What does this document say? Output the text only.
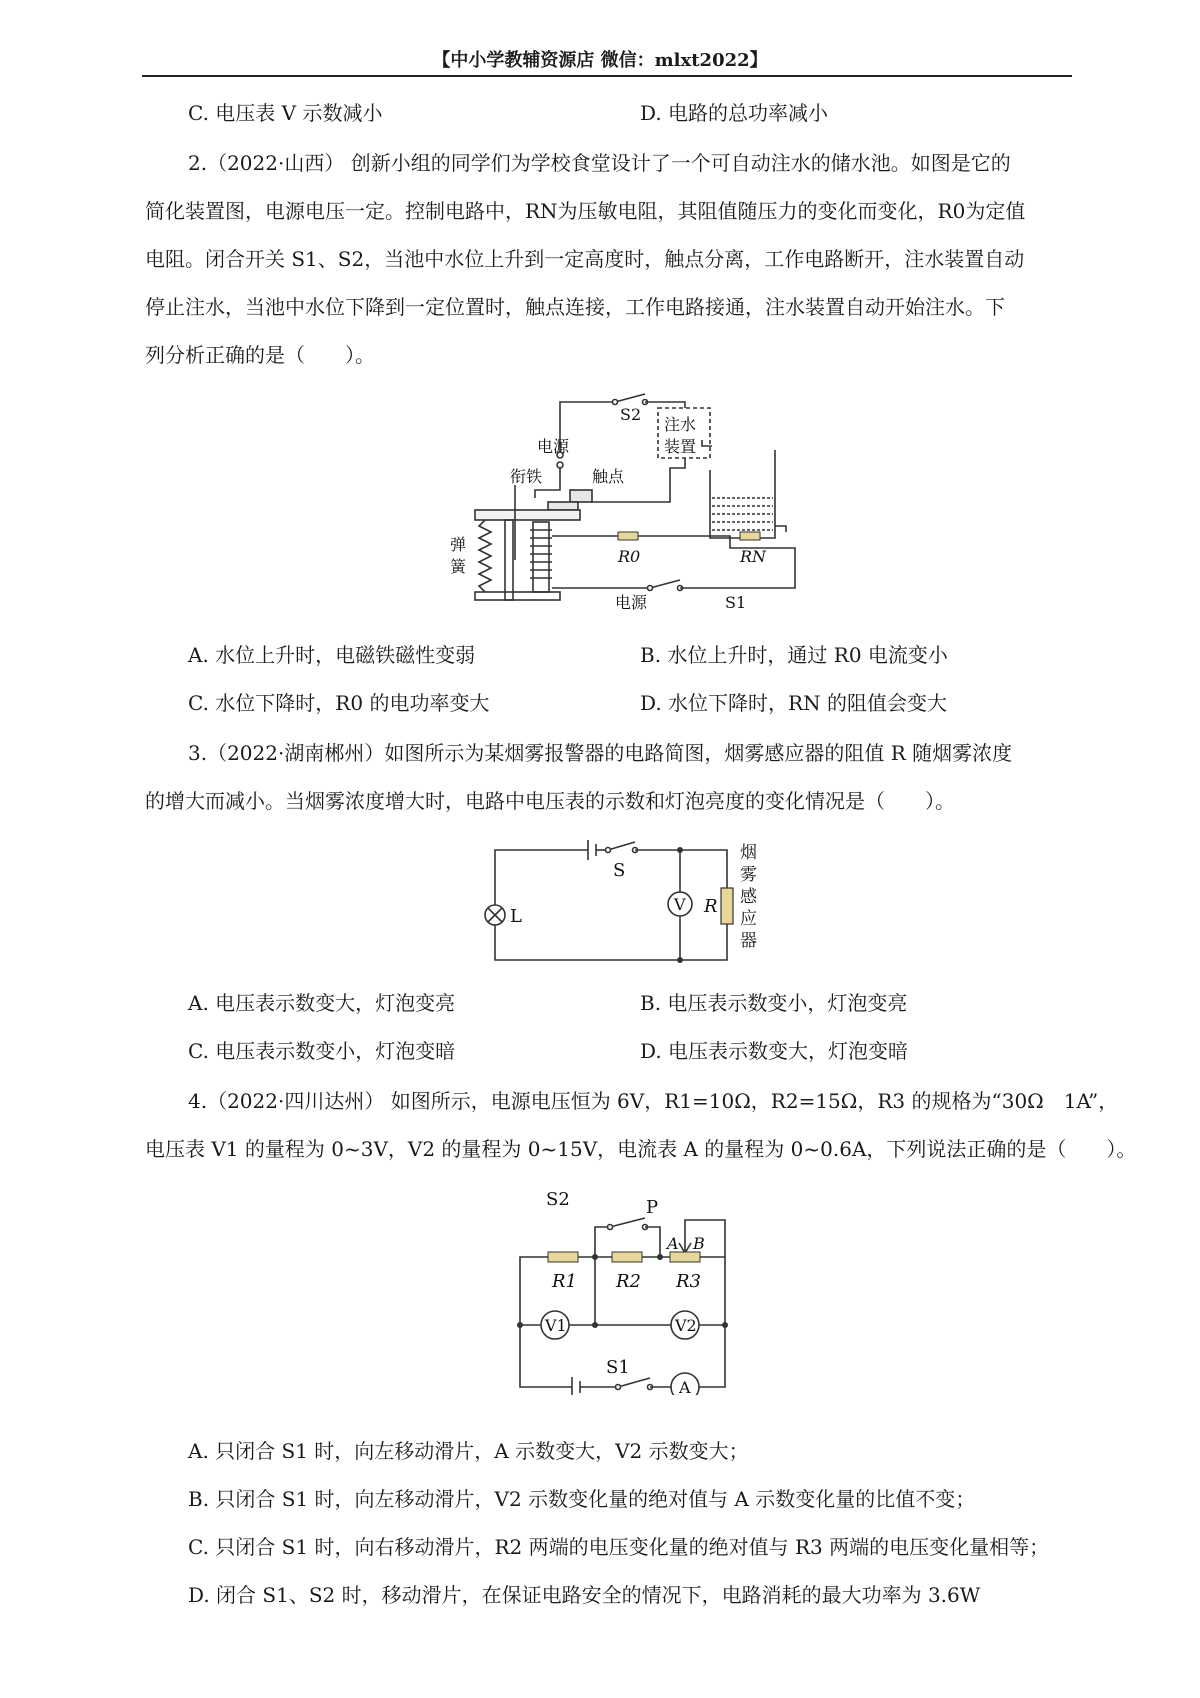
【中小学教辅资源店 微信：mlxt2022】
C. 电压表 V 示数减小	D. 电路的总功率减小
2.（2022·山西） 创新小组的同学们为学校食堂设计了一个可自动注水的储水池。如图是它的
简化装置图，电源电压一定。控制电路中，RN为压敏电阻，其阻值随压力的变化而变化，R0为定值
电阻。闭合开关 S1、S2，当池中水位上升到一定高度时，触点分离，工作电路断开，注水装置自动
停止注水，当池中水位下降到一定位置时，触点连接，工作电路接通，注水装置自动开始注水。下
列分析正确的是（　　）。
S2
电源
注水
装置
衔铁	触点
弹
簧
R0	RN
电源	S1
A. 水位上升时，电磁铁磁性变弱	B. 水位上升时，通过 R0 电流变小
C. 水位下降时，R0 的电功率变大	D. 水位下降时，RN 的阻值会变大
3.（2022·湖南郴州）如图所示为某烟雾报警器的电路简图，烟雾感应器的阻值 R 随烟雾浓度
的增大而减小。当烟雾浓度增大时，电路中电压表的示数和灯泡亮度的变化情况是（　　）。
S
L
V R
烟
雾
感
应
器
A. 电压表示数变大，灯泡变亮	B. 电压表示数变小，灯泡变亮
C. 电压表示数变小，灯泡变暗	D. 电压表示数变大，灯泡变暗
4.（2022·四川达州） 如图所示，电源电压恒为 6V，R1=10Ω，R2=15Ω，R3 的规格为“30Ω　1A”，
电压表 V1 的量程为 0~3V，V2 的量程为 0~15V，电流表 A 的量程为 0~0.6A，下列说法正确的是（　　）。
S2	P
A B
R1 R2 R3
V1	V2
S1
A
A. 只闭合 S1 时，向左移动滑片，A 示数变大，V2 示数变大；
B. 只闭合 S1 时，向左移动滑片，V2 示数变化量的绝对值与 A 示数变化量的比值不变；
C. 只闭合 S1 时，向右移动滑片，R2 两端的电压变化量的绝对值与 R3 两端的电压变化量相等；
D. 闭合 S1、S2 时，移动滑片，在保证电路安全的情况下，电路消耗的最大功率为 3.6W
